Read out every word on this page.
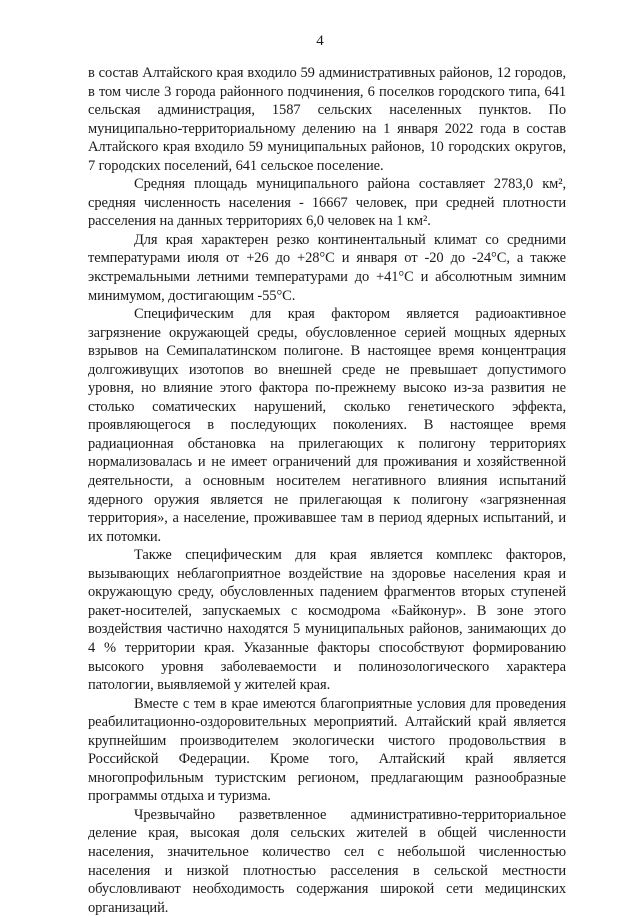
4

в состав Алтайского края входило 59 административных районов, 12 городов, в том числе 3 города районного подчинения, 6 поселков городского типа, 641 сельская администрация, 1587 сельских населенных пунктов. По муниципально-территориальному делению на 1 января 2022 года в состав Алтайского края входило 59 муниципальных районов, 10 городских округов, 7 городских поселений, 641 сельское поселение.

Средняя площадь муниципального района составляет 2783,0 км², средняя численность населения - 16667 человек, при средней плотности расселения на данных территориях 6,0 человек на 1 км².

Для края характерен резко континентальный климат со средними температурами июля от +26 до +28°С и января от -20 до -24°С, а также экстремальными летними температурами до +41°С и абсолютным зимним минимумом, достигающим -55°С.

Специфическим для края фактором является радиоактивное загрязнение окружающей среды, обусловленное серией мощных ядерных взрывов на Семипалатинском полигоне. В настоящее время концентрация долгоживущих изотопов во внешней среде не превышает допустимого уровня, но влияние этого фактора по-прежнему высоко из-за развития не столько соматических нарушений, сколько генетического эффекта, проявляющегося в последующих поколениях. В настоящее время радиационная обстановка на прилегающих к полигону территориях нормализовалась и не имеет ограничений для проживания и хозяйственной деятельности, а основным носителем негативного влияния испытаний ядерного оружия является не прилегающая к полигону «загрязненная территория», а население, проживавшее там в период ядерных испытаний, и их потомки.

Также специфическим для края является комплекс факторов, вызывающих неблагоприятное воздействие на здоровье населения края и окружающую среду, обусловленных падением фрагментов вторых ступеней ракет-носителей, запускаемых с космодрома «Байконур». В зоне этого воздействия частично находятся 5 муниципальных районов, занимающих до 4 % территории края. Указанные факторы способствуют формированию высокого уровня заболеваемости и полинозологического характера патологии, выявляемой у жителей края.

Вместе с тем в крае имеются благоприятные условия для проведения реабилитационно-оздоровительных мероприятий. Алтайский край является крупнейшим производителем экологически чистого продовольствия в Российской Федерации. Кроме того, Алтайский край является многопрофильным туристским регионом, предлагающим разнообразные программы отдыха и туризма.

Чрезвычайно разветвленное административно-территориальное деление края, высокая доля сельских жителей в общей численности населения, значительное количество сел с небольшой численностью населения и низкой плотностью расселения в сельской местности обусловливают необходимость содержания широкой сети медицинских организаций.
